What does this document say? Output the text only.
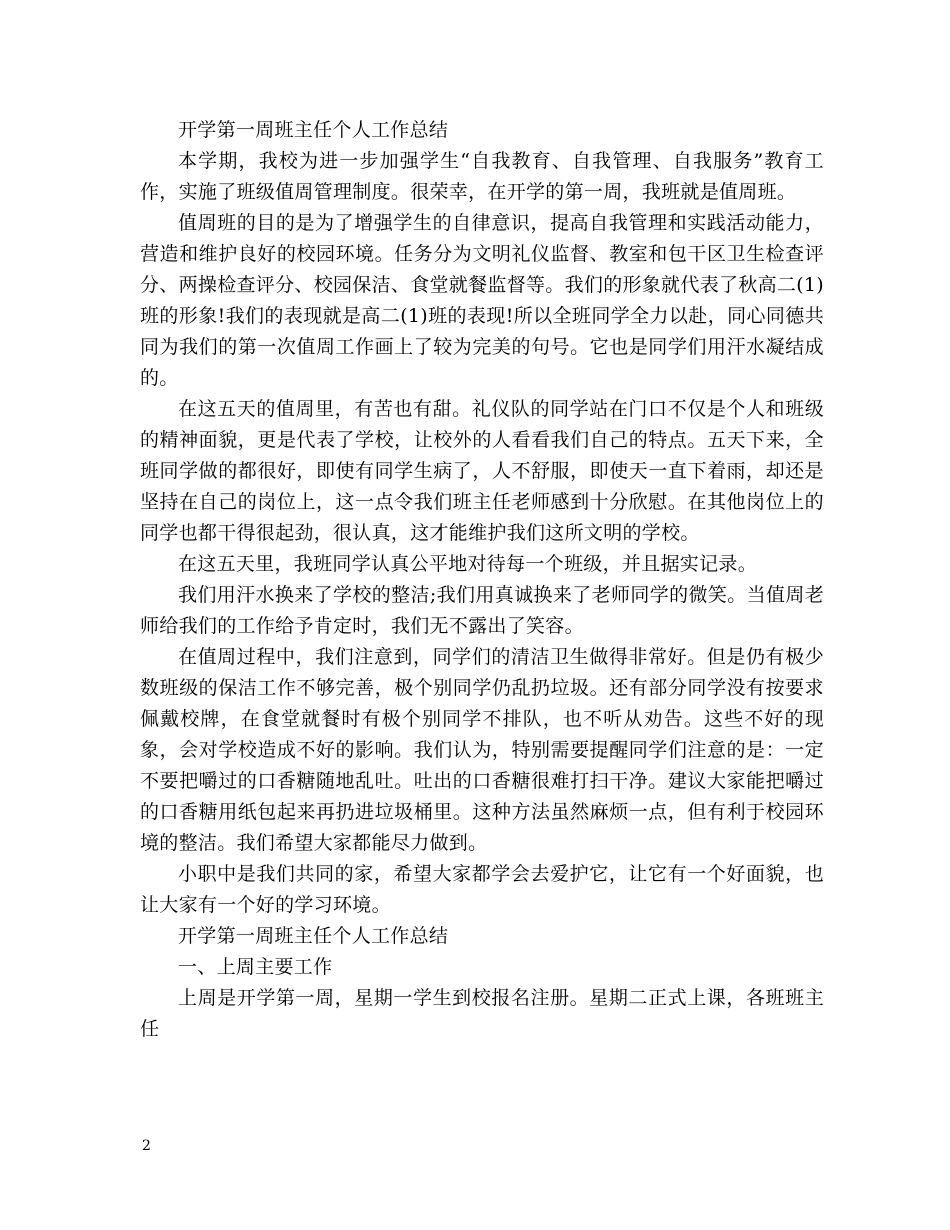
开学第一周班主任个人工作总结

本学期，我校为进一步加强学生“自我教育、自我管理、自我服务”教育工作，实施了班级值周管理制度。很荣幸，在开学的第一周，我班就是值周班。

值周班的目的是为了增强学生的自律意识，提高自我管理和实践活动能力，营造和维护良好的校园环境。任务分为文明礼仪监督、教室和包干区卫生检查评分、两操检查评分、校园保洁、食堂就餐监督等。我们的形象就代表了秋高二(1)班的形象!我们的表现就是高二(1)班的表现!所以全班同学全力以赴，同心同德共同为我们的第一次值周工作画上了较为完美的句号。它也是同学们用汗水凝结成的。

在这五天的值周里，有苦也有甜。礼仪队的同学站在门口不仅是个人和班级的精神面貌，更是代表了学校，让校外的人看看我们自己的特点。五天下来，全班同学做的都很好，即使有同学生病了，人不舒服，即使天一直下着雨，却还是坚持在自己的岗位上，这一点令我们班主任老师感到十分欣慰。在其他岗位上的同学也都干得很起劲，很认真，这才能维护我们这所文明的学校。

在这五天里，我班同学认真公平地对待每一个班级，并且据实记录。

我们用汗水换来了学校的整洁;我们用真诚换来了老师同学的微笑。当值周老师给我们的工作给予肯定时，我们无不露出了笑容。

在值周过程中，我们注意到，同学们的清洁卫生做得非常好。但是仍有极少数班级的保洁工作不够完善，极个别同学仍乱扔垃圾。还有部分同学没有按要求佩戴校牌，在食堂就餐时有极个别同学不排队，也不听从劝告。这些不好的现象，会对学校造成不好的影响。我们认为，特别需要提醒同学们注意的是：一定不要把嚼过的口香糖随地乱吐。吐出的口香糖很难打扫干净。建议大家能把嚼过的口香糖用纸包起来再扔进垃圾桶里。这种方法虽然麻烦一点，但有利于校园环境的整洁。我们希望大家都能尽力做到。

小职中是我们共同的家，希望大家都学会去爱护它，让它有一个好面貌，也让大家有一个好的学习环境。

开学第一周班主任个人工作总结

一、上周主要工作

上周是开学第一周，星期一学生到校报名注册。星期二正式上课，各班班主任

2
